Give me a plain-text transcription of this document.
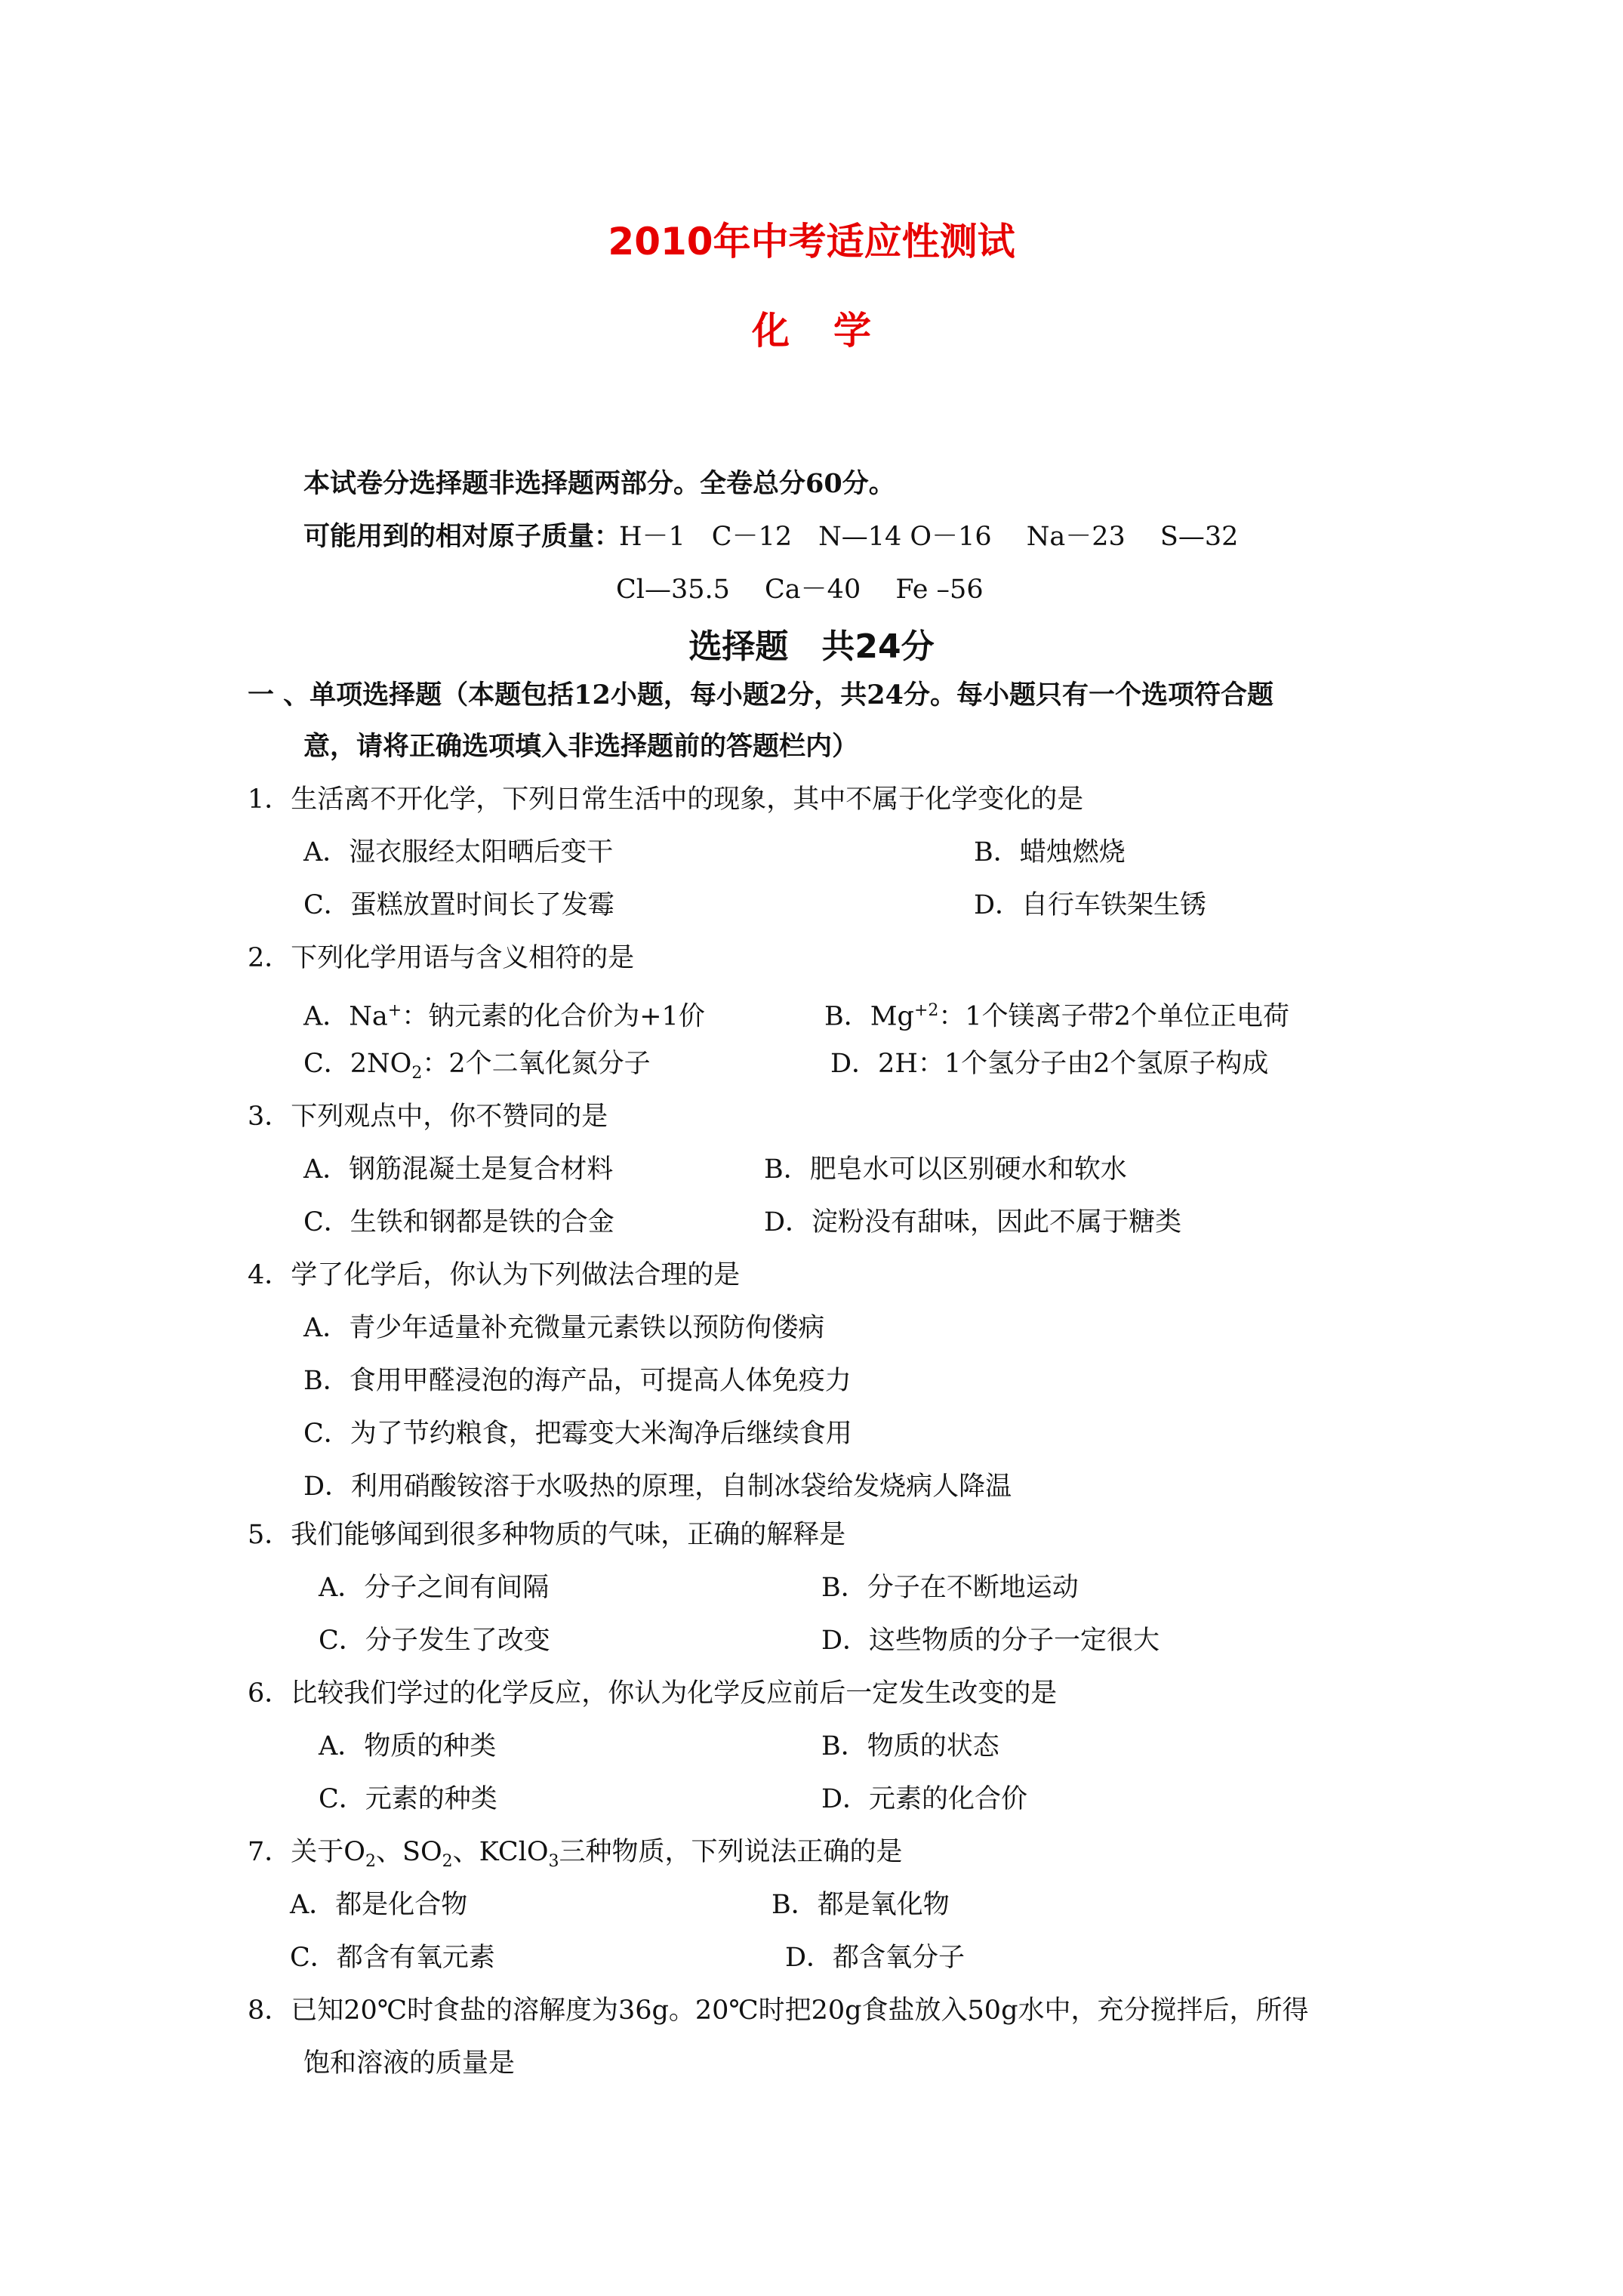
2010年中考适应性测试
化学
本试卷分选择题非选择题两部分。全卷总分60分。
可能用到的相对原子质量：
H－1　C－12　N—14 O－16　 Na－23　 S—32
Cl—35.5　 Ca－40　 Fe –56
选择题　共24分
一 、单项选择题（本题包括12小题，每小题2分，共24分。每小题只有一个选项符合题
意，请将正确选项填入非选择题前的答题栏内）
1．生活离不开化学，下列日常生活中的现象，其中不属于化学变化的是
A．湿衣服经太阳晒后变干	B．蜡烛燃烧
C．蛋糕放置时间长了发霉	D．自行车铁架生锈
2．下列化学用语与含义相符的是
A．Na+：钠元素的化合价为+1价	B．$Mg^{+2}$：1个镁离子带2个单位正电荷
C．$2NO_2$：2个二氧化氮分子	D．2H：1个氢分子由2个氢原子构成
3．下列观点中，你不赞同的是
A．钢筋混凝土是复合材料	B．肥皂水可以区别硬水和软水
C．生铁和钢都是铁的合金	D．淀粉没有甜味，因此不属于糖类
4．学了化学后，你认为下列做法合理的是
A．青少年适量补充微量元素铁以预防佝偻病
B．食用甲醛浸泡的海产品，可提高人体免疫力
C．为了节约粮食，把霉变大米淘净后继续食用
D．利用硝酸铵溶于水吸热的原理，自制冰袋给发烧病人降温
5．我们能够闻到很多种物质的气味，正确的解释是
A．分子之间有间隔	B．分子在不断地运动
C．分子发生了改变	D．这些物质的分子一定很大
6．比较我们学过的化学反应，你认为化学反应前后一定发生改变的是
A．物质的种类	B．物质的状态
C．元素的种类	D．元素的化合价
7．关于$O_2$、$SO_2$、KClO$_3$三种物质，下列说法正确的是
A．都是化合物	B．都是氧化物
C．都含有氧元素	D．都含氧分子
8．已知20℃时食盐的溶解度为36g。20℃时把20g食盐放入50g水中，充分搅拌后，所得
饱和溶液的质量是
